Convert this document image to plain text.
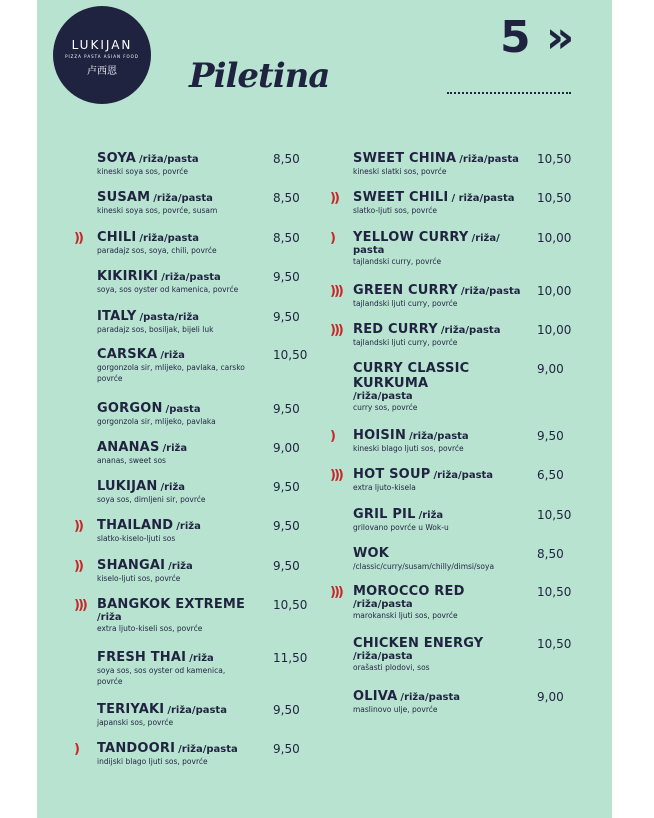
LUKIJAN
PIZZA PASTA ASIAN FOOD
卢西恩	Piletina
5 »
SOYA /riža/pasta
kineski soya sos, povrće
8,50
SUSAM /riža/pasta
kineski soya sos, povrće, susam
8,50
CHILI /riža/pasta
paradajz sos, soya, chili, povrće
8,50
))
KIKIRIKI /riža/pasta
soya, sos oyster od kamenica, povrće
9,50
ITALY /pasta/riža
paradajz sos, bosiljak, bijeli luk
9,50
CARSKA /riža
gorgonzola sir, mlijeko, pavlaka, carsko
povrće
10,50
GORGON /pasta
gorgonzola sir, mlijeko, pavlaka
9,50
ANANAS /riža
ananas, sweet sos
9,00
LUKIJAN /riža
soya sos, dimljeni sir, povrće
9,50
THAILAND /riža
slatko-kiselo-ljuti sos
9,50
))
SHANGAI /riža
kiselo-ljuti sos, povrće
9,50
))
BANGKOK EXTREME
/riža
extra ljuto-kiseli sos, povrće
10,50
)))
FRESH THAI /riža
soya sos, sos oyster od kamenica,
povrće
11,50
TERIYAKI /riža/pasta
japanski sos, povrće
9,50
TANDOORI /riža/pasta
indijski blago ljuti sos, povrće
9,50
)
SWEET CHINA /riža/pasta
kineski slatki sos, povrće
10,50
SWEET CHILI / riža/pasta
slatko-ljuti sos, povrće
10,50
))
YELLOW CURRY /riža/
pasta
tajlandski curry, povrće
10,00
)
GREEN CURRY /riža/pasta
tajlandski ljuti curry, povrće
10,00
)))
RED CURRY /riža/pasta
tajlandski ljuti curry, povrće
10,00
)))
CURRY CLASSIC
KURKUMA
/riža/pasta
curry sos, povrće
9,00
HOISIN /riža/pasta
kineski blago ljuti sos, povrće
9,50
)
HOT SOUP /riža/pasta
extra ljuto-kisela
6,50
)))
GRIL PIL /riža
grilovano povrće u Wok-u
10,50
WOK
/classic/curry/susam/chilly/dimsi/soya
8,50
MOROCCO RED
/riža/pasta
marokanski ljuti sos, povrće
10,50
)))
CHICKEN ENERGY
/riža/pasta
orašasti plodovi, sos
10,50
OLIVA /riža/pasta
maslinovo ulje, povrće
9,00
